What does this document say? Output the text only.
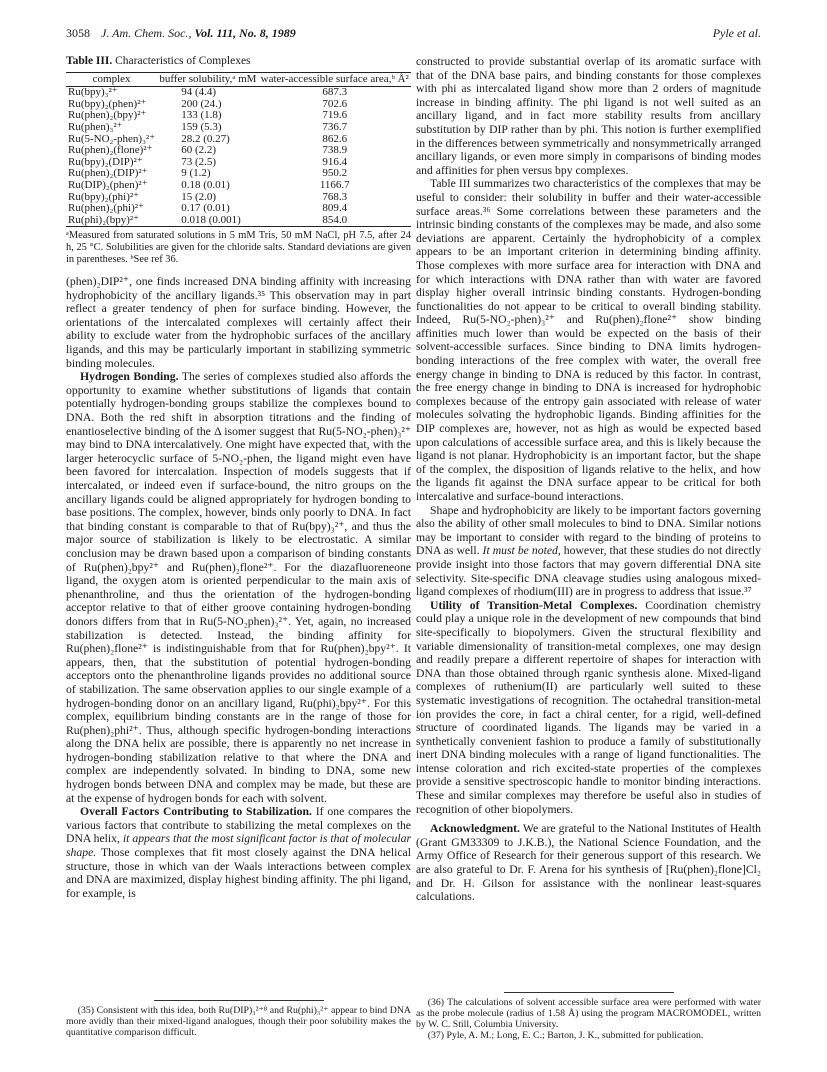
3058 J. Am. Chem. Soc., Vol. 111, No. 8, 1989	Pyle et al.
Table III. Characteristics of Complexes
complex	buffer solubility,ᵃ mM	water-accessible surface area,ᵇ Å²
Ru(bpy)₃²⁺	94 (4.4)	687.3
Ru(bpy)₂(phen)²⁺	200 (24.)	702.6
Ru(phen)₂(bpy)²⁺	133 (1.8)	719.6
Ru(phen)₃²⁺	159 (5.3)	736.7
Ru(5-NO₂-phen)₃²⁺	28.2 (0.27)	862.6
Ru(phen)₂(flone)²⁺	60 (2.2)	738.9
Ru(bpy)₂(DIP)²⁺	73 (2.5)	916.4
Ru(phen)₂(DIP)²⁺	9 (1.2)	950.2
Ru(DIP)₂(phen)²⁺	0.18 (0.01)	1166.7
Ru(bpy)₂(phi)²⁺	15 (2.0)	768.3
Ru(phen)₂(phi)²⁺	0.17 (0.01)	809.4
Ru(phi)₂(bpy)²⁺	0.018 (0.001)	854.0
ᵃMeasured from saturated solutions in 5 mM Tris, 50 mM NaCl, pH 7.5, after 24 h, 25 °C. Solubilities are given for the chloride salts. Standard deviations are given in parentheses. ᵇSee ref 36.

(phen)₂DIP²⁺, one finds increased DNA binding affinity with increasing hydrophobicity of the ancillary ligands.³⁵ This observation may in part reflect a greater tendency of phen for surface binding. However, the orientations of the intercalated complexes will certainly affect their ability to exclude water from the hydrophobic surfaces of the ancillary ligands, and this may be particularly important in stabilizing symmetric binding molecules.

Hydrogen Bonding. The series of complexes studied also affords the opportunity to examine whether substitutions of ligands that contain potentially hydrogen-bonding groups stabilize the complexes bound to DNA. Both the red shift in absorption titrations and the finding of enantioselective binding of the Δ isomer suggest that Ru(5-NO₂-phen)₃²⁺ may bind to DNA intercalatively. One might have expected that, with the larger heterocyclic surface of 5-NO₂-phen, the ligand might even have been favored for intercalation. Inspection of models suggests that if intercalated, or indeed even if surface-bound, the nitro groups on the ancillary ligands could be aligned appropriately for hydrogen bonding to base positions. The complex, however, binds only poorly to DNA. In fact that binding constant is comparable to that of Ru(bpy)₃²⁺, and thus the major source of stabilization is likely to be electrostatic. A similar conclusion may be drawn based upon a comparison of binding constants of Ru(phen)₂bpy²⁺ and Ru(phen)₂flone²⁺. For the diazafluoreneone ligand, the oxygen atom is oriented perpendicular to the main axis of phenanthroline, and thus the orientation of the hydrogen-bonding acceptor relative to that of either groove containing hydrogen-bonding donors differs from that in Ru(5-NO₂phen)₃²⁺. Yet, again, no increased stabilization is detected. Instead, the binding affinity for Ru(phen)₂flone²⁺ is indistinguishable from that for Ru(phen)₂bpy²⁺. It appears, then, that the substitution of potential hydrogen-bonding acceptors onto the phenanthroline ligands provides no additional source of stabilization. The same observation applies to our single example of a hydrogen-bonding donor on an ancillary ligand, Ru(phi)₂bpy²⁺. For this complex, equilibrium binding constants are in the range of those for Ru(phen)₂phi²⁺. Thus, although specific hydrogen-bonding interactions along the DNA helix are possible, there is apparently no net increase in hydrogen-bonding stabilization relative to that where the DNA and complex are independently solvated. In binding to DNA, some new hydrogen bonds between DNA and complex may be made, but these are at the expense of hydrogen bonds for each with solvent.

Overall Factors Contributing to Stabilization. If one compares the various factors that contribute to stabilizing the metal complexes on the DNA helix, it appears that the most significant factor is that of molecular shape. Those complexes that fit most closely against the DNA helical structure, those in which van der Waals interactions between complex and DNA are maximized, display highest binding affinity. The phi ligand, for example, is

(35) Consistent with this idea, both Ru(DIP)₃²⁺⁸ and Ru(phi)₃²⁺ appear to bind DNA more avidly than their mixed-ligand analogues, though their poor solubility makes the quantitative comparison difficult.

constructed to provide substantial overlap of its aromatic surface with that of the DNA base pairs, and binding constants for those complexes with phi as intercalated ligand show more than 2 orders of magnitude increase in binding affinity. The phi ligand is not well suited as an ancillary ligand, and in fact more stability results from ancillary substitution by DIP rather than by phi. This notion is further exemplified in the differences between symmetrically and nonsymmetrically arranged ancillary ligands, or even more simply in comparisons of binding modes and affinities for phen versus bpy complexes.

Table III summarizes two characteristics of the complexes that may be useful to consider: their solubility in buffer and their water-accessible surface areas.³⁶ Some correlations between these parameters and the intrinsic binding constants of the complexes may be made, and also some deviations are apparent. Certainly the hydrophobicity of a complex appears to be an important criterion in determining binding affinity. Those complexes with more surface area for interaction with DNA and for which interactions with DNA rather than with water are favored display higher overall intrinsic binding constants. Hydrogen-bonding functionalities do not appear to be critical to overall binding stability. Indeed, Ru(5-NO₂-phen)₃²⁺ and Ru(phen)₂flone²⁺ show binding affinities much lower than would be expected on the basis of their solvent-accessible surfaces. Since binding to DNA limits hydrogen-bonding interactions of the free complex with water, the overall free energy change in binding to DNA is reduced by this factor. In contrast, the free energy change in binding to DNA is increased for hydrophobic complexes because of the entropy gain associated with release of water molecules solvating the hydrophobic ligands. Binding affinities for the DIP complexes are, however, not as high as would be expected based upon calculations of accessible surface area, and this is likely because the ligand is not planar. Hydrophobicity is an important factor, but the shape of the complex, the disposition of ligands relative to the helix, and how the ligands fit against the DNA surface appear to be critical for both intercalative and surface-bound interactions.

Shape and hydrophobicity are likely to be important factors governing also the ability of other small molecules to bind to DNA. Similar notions may be important to consider with regard to the binding of proteins to DNA as well. It must be noted, however, that these studies do not directly provide insight into those factors that may govern differential DNA site selectivity. Site-specific DNA cleavage studies using analogous mixed-ligand complexes of rhodium(III) are in progress to address that issue.³⁷

Utility of Transition-Metal Complexes. Coordination chemistry could play a unique role in the development of new compounds that bind site-specifically to biopolymers. Given the structural flexibility and variable dimensionality of transition-metal complexes, one may design and readily prepare a different repertoire of shapes for interaction with DNA than those obtained through rganic synthesis alone. Mixed-ligand complexes of ruthenium(II) are particularly well suited to these systematic investigations of recognition. The octahedral transition-metal ion provides the core, in fact a chiral center, for a rigid, well-defined structure of coordinated ligands. The ligands may be varied in a synthetically convenient fashion to produce a family of substitutionally inert DNA binding molecules with a range of ligand functionalities. The intense coloration and rich excited-state properties of the complexes provide a sensitive spectroscopic handle to monitor binding interactions. These and similar complexes may therefore be useful also in studies of recognition of other biopolymers.

Acknowledgment. We are grateful to the National Institutes of Health (Grant GM33309 to J.K.B.), the National Science Foundation, and the Army Office of Research for their generous support of this research. We are also grateful to Dr. F. Arena for his synthesis of [Ru(phen)₂flone]Cl₂ and Dr. H. Gilson for assistance with the nonlinear least-squares calculations.

(36) The calculations of solvent accessible surface area were performed with water as the probe molecule (radius of 1.58 Å) using the program MACROMODEL, written by W. C. Still, Columbia University.

(37) Pyle, A. M.; Long, E. C.; Barton, J. K., submitted for publication.
